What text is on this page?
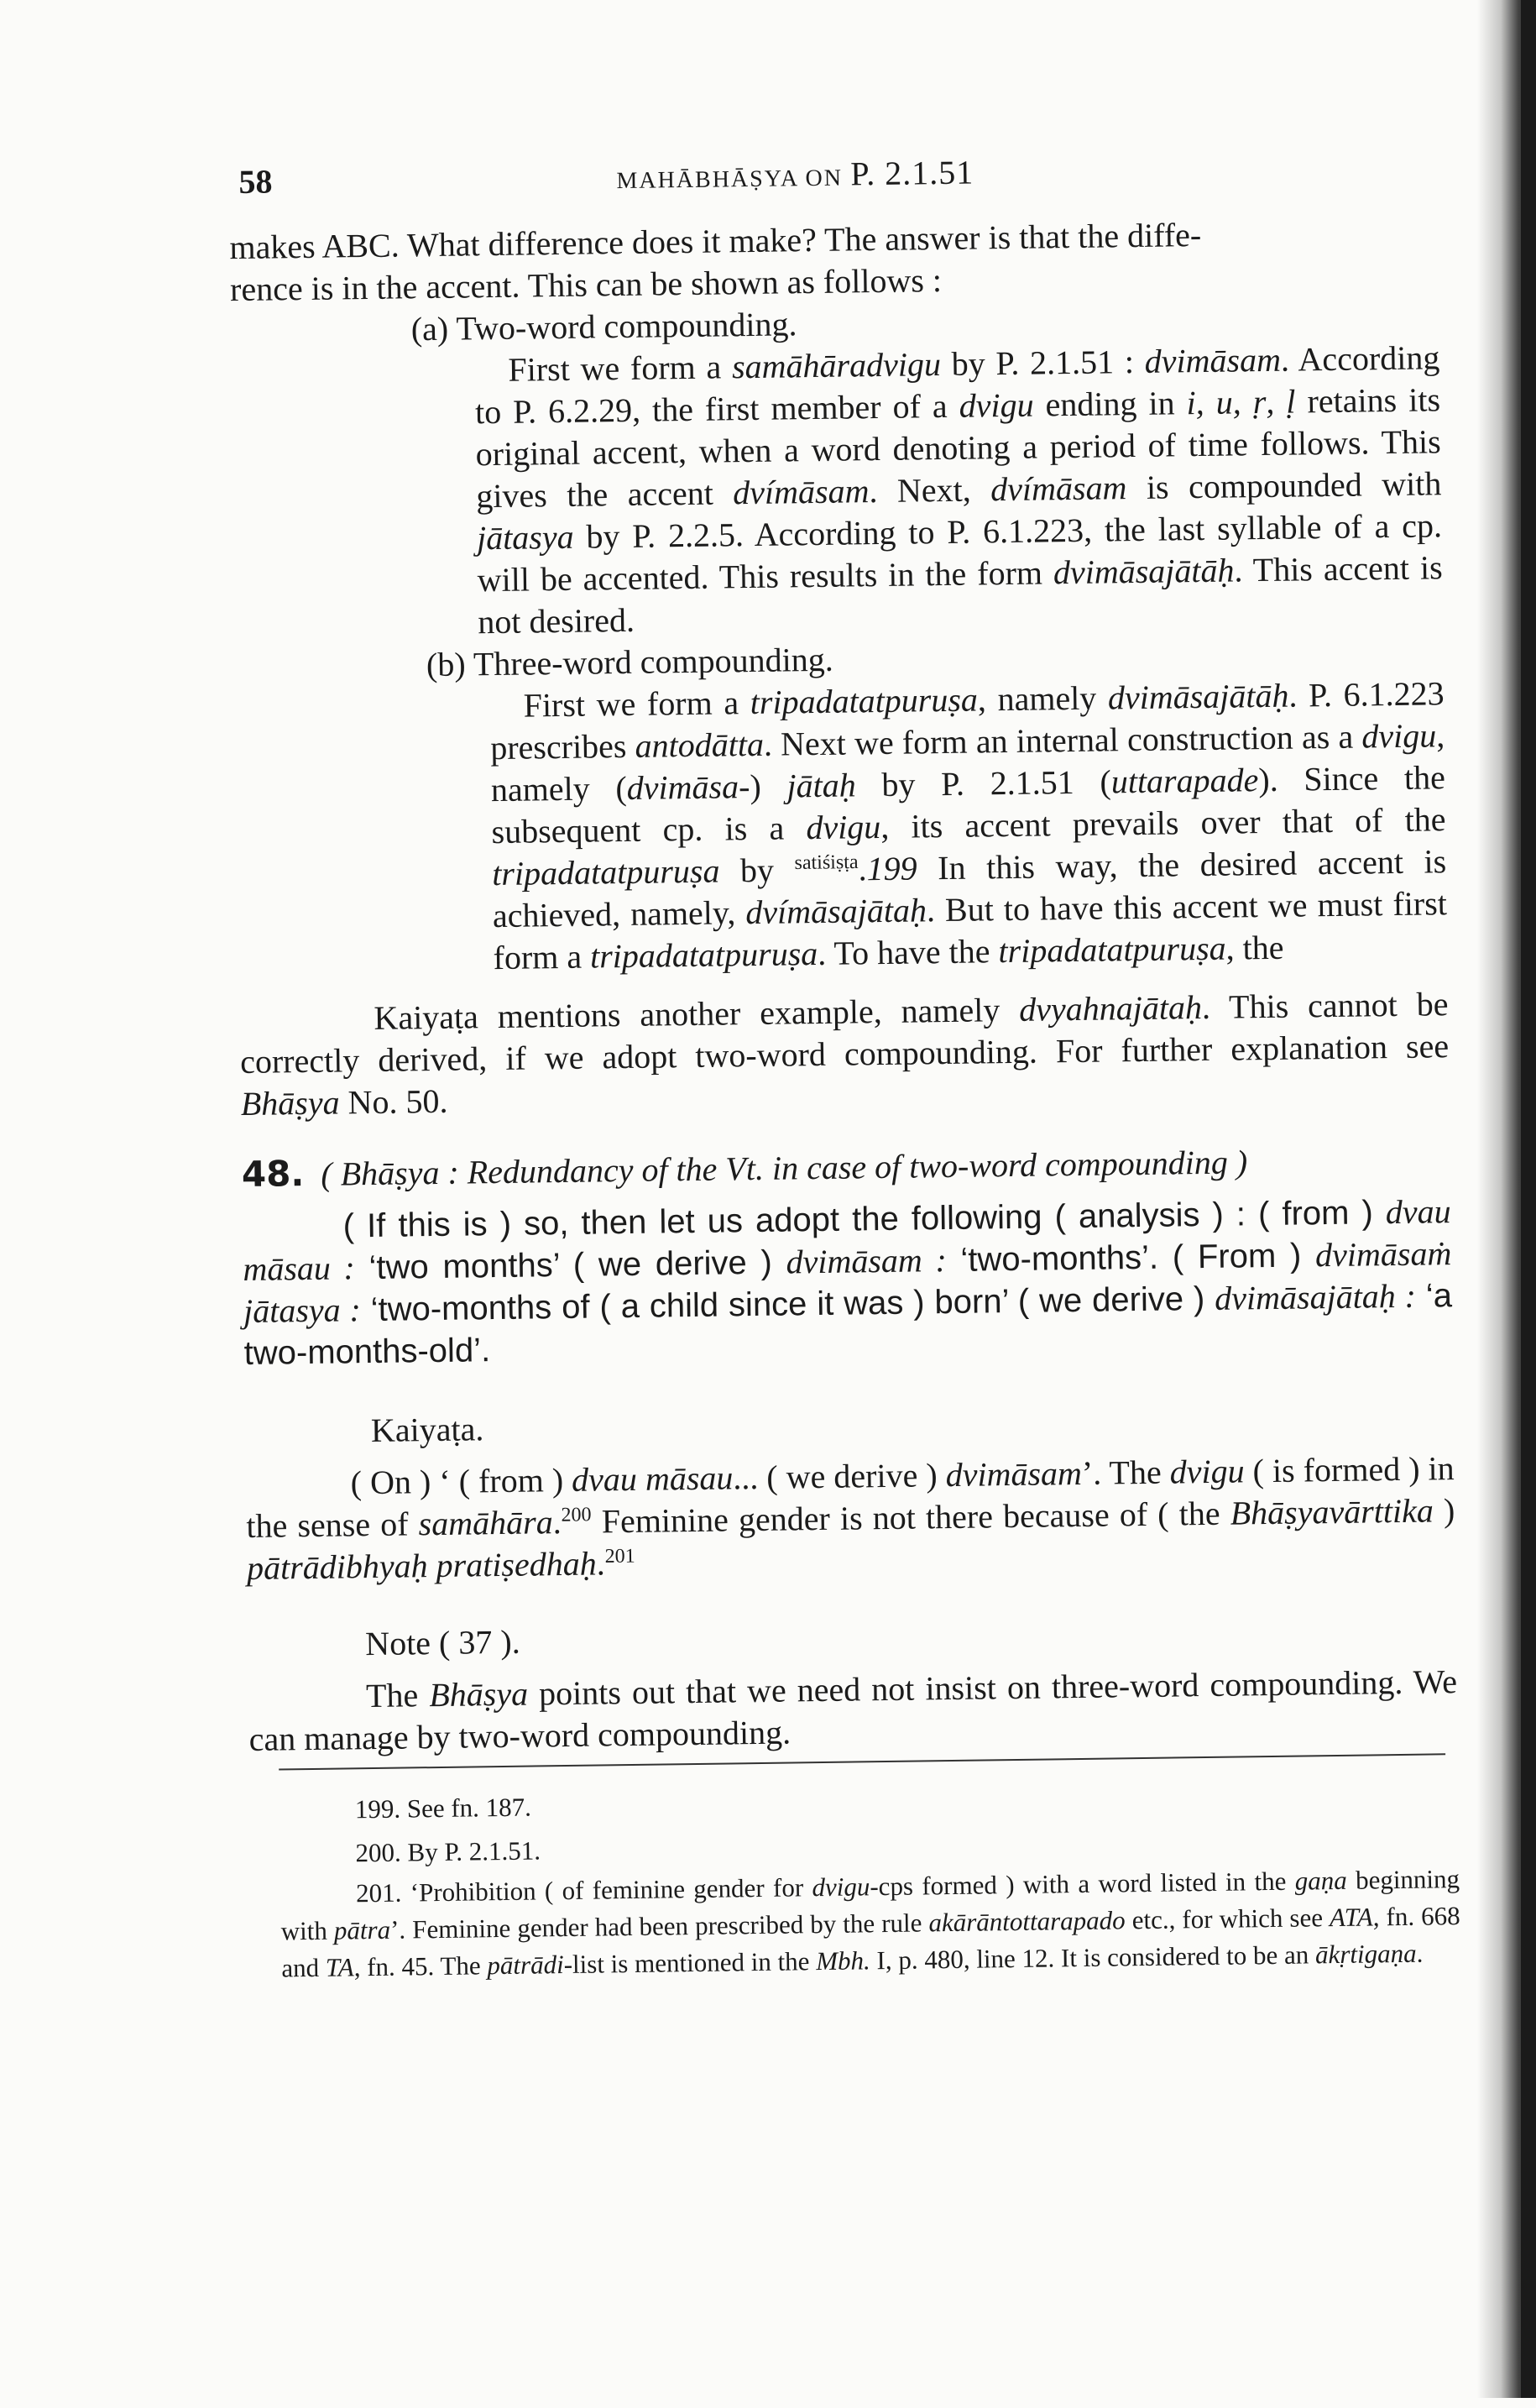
58	MAHĀBHĀṢYA ON P. 2.1.51

makes ABC. What difference does it make? The answer is that the diffe-

rence is in the accent. This can be shown as follows :

(a) Two-word compounding.

First we form a samāhāradvigu by P. 2.1.51 : dvimāsam. According to P. 6.2.29, the first member of a dvigu ending in i, u, ṛ, ḷ retains its original accent, when a word denoting a period of time follows. This gives the accent dvímāsam. Next, dvímāsam is compounded with jātasya by P. 2.2.5. According to P. 6.1.223, the last syllable of a cp. will be accented. This results in the form dvimāsajātāḥ. This accent is not desired.

(b) Three-word compounding.

First we form a tripadatatpuruṣa, namely dvimāsajātāḥ. P. 6.1.223 prescribes antodātta. Next we form an internal construction as a dvigu, namely (dvimāsa-) jātaḥ by P. 2.1.51 (uttarapade). Since the subsequent cp. is a dvigu, its accent prevails over that of the tripadatatpuruṣa by $^{satiśiṣṭa}$.199 In this way, the desired accent is achieved, namely, dvímāsajātaḥ. But to have this accent we must first form a tripadatatpuruṣa. To have the tripadatatpuruṣa, the

Kaiyaṭa mentions another example, namely dvyahnajātaḥ. This cannot be correctly derived, if we adopt two-word compounding. For further explanation see Bhāṣya No. 50.

48. ( Bhāṣya : Redundancy of the Vt. in case of two-word compounding )

( If this is ) so, then let us adopt the following ( analysis ) : ( from ) dvau māsau : ‘two months’ ( we derive ) dvimāsam : ‘two-months’. ( From ) dvimāsaṁ jātasya : ‘two-months of ( a child since it was ) born’ ( we derive ) dvimāsajātaḥ : ‘a two-months-old’.

Kaiyaṭa.

( On ) ‘ ( from ) dvau māsau... ( we derive ) dvimāsam’. The dvigu ( is formed ) in the sense of samāhāra.$^{200}$ Feminine gender is not there because of ( the Bhāṣyavārttika ) pātrādibhyaḥ pratiṣedhaḥ.$^{201}$

Note ( 37 ).

The Bhāṣya points out that we need not insist on three-word compounding. We can manage by two-word compounding.

199. See fn. 187.

200. By P. 2.1.51.

201. ‘Prohibition ( of feminine gender for dvigu-cps formed ) with a word listed in the gaṇa beginning with pātra’. Feminine gender had been prescribed by the rule akārāntottarapado etc., for which see ATA, fn. 668 and TA, fn. 45. The pātrādi-list is mentioned in the Mbh. I, p. 480, line 12. It is considered to be an ākṛtigaṇa.
